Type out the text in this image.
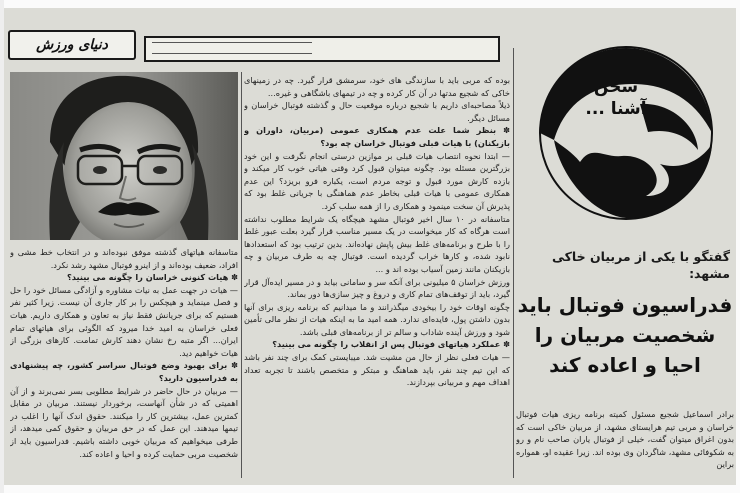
دنیای ورزش

متاسفانه هیاتهای گذشته موفق نبوده‌اند و در انتخاب خط مشی و افراد، ضعیف بوده‌اند و از اینرو فوتبال مشهد رشد نکرد.

✽ هیات کنونی خراسان را چگونه می بینید؟

— هیات در جهت عمل به نیات مشاوره و آزادگی مسائل خود را حل و فصل مینماید و هیچکس را بر کار جاری آن نیست. زیرا کثیر نفر هستیم که برای جریانش فقط نیاز به تعاون و همکاری داریم. هیات فعلی خراسان به امید خدا میرود که الگوئی برای هیاتهای تمام ایران... اگر متبه رخ نشان دهند کارش تمامت. کارهای بزرگی از هیات خواهیم دید.

✽ برای بهبود وضع فوتبال سراسر کشور، چه پیشنهادی به فدراسیون دارید؟

— مربیان در حال حاضر در شرایط مطلوبی بسر نمی‌برند و از آن اهمیتی که در شأن آنهاست، برخوردار نیستند. مربیان در مقابل کمترین عمل، بیشترین کار را میکنند. حقوق اندک آنها را اغلب در تیمها میدهند. این عمل که در حق مربیان و حقوق کمی میدهد، از طرفی میخواهیم که مربیان خوبی داشته باشیم. فدراسیون باید از شخصیت مربی حمایت کرده و احیا و اعاده کند.

بوده که مربی باید با سازندگی های خود، سرمشق قرار گیرد. چه در زمینهای خاکی که شجیع مدتها در آن کار کرده و چه در تیمهای باشگاهی و غیره...

ذیلاً مصاحبه‌ای داریم با شجیع درباره موقعیت حال و گذشته فوتبال خراسان و مسائل دیگر.

✽ بنظر شما علت عدم همکاری عمومی (مربیان، داوران و بازیکنان) با هیات قبلی فوتبال خراسان چه بود؟

— ابتدا نحوه انتصاب هیات قبلی بر موازین درستی انجام نگرفت و این خود بزرگترین مسئله بود. چگونه میتوان قبول کرد وقتی هیاتی خوب کار میکند و بازده کارش مورد قبول و توجه مردم است، یکباره فرو بریزد؟ این عدم همکاری عمومی با هیات قبلی بخاطر عدم هماهنگی با جریانی غلط بود که پذیرش آن سخت مینمود و همکاری را از همه سلب کرد.

متاسفانه در ۱۰ سال اخیر فوتبال مشهد هیچگاه یک شرایط مطلوب نداشته است هرگاه که کار میخواست در یک مسیر مناسب قرار گیرد بعلت عبور غلط را با طرح و برنامه‌های غلط بیش پاپش نهاده‌اند. بدین ترتیب بود که استعدادها نابود شده، و کارها خراب گردیده است. فوتبال چه به طرف مربیان و چه بازیکنان مانند زمین آسیاب بوده اند و ...

ورزش خراسان ۵ میلیونی برای آنکه سر و سامانی بیابد و در مسیر ایده‌آل قرار گیرد، باید از توقف‌های تمام کاری و دروغ و چیز سازی‌ها دور بماند.

چگونه اوقات خود را بیخودی میگذرانند و ما میدانیم که برنامه ریزی برای آنها بدون داشتن پول، فایده‌ای ندارد. همه امید ما به اینکه هیات از نظر مالی تأمین شود و ورزش آینده شاداب و سالم تر از برنامه‌های قبلی باشد.

✽ عملکرد هیاتهای فوتبال پس از انقلاب را چگونه می بینید؟

— هیات فعلی نظر از حال من مشیت شد. میبایستی کمک برای چند نفر باشد که این تیم چند نفر، باید هماهنگ و مبتکر و متخصص باشند تا تجربه تعداد اهداف مهم و مربیانی بپردازند.

سخن
آشنا ...
گفتگو با یکی از مربیان خاکی مشهد:
فدراسیون فوتبال باید
شخصیت مربیان را
احیا و اعاده کند

برادر اسماعیل شجیع مسئول کمیته برنامه ریزی هیات فوتبال خراسان و مربی تیم هرایستای مشهد، از مربیان خاکی است که بدون اغراق میتوان گفت، خیلی از فوتبال یاران صاحب نام و رو به شکوفائی مشهد، شاگردان وی بوده اند. زیرا عقیده او، همواره براین
